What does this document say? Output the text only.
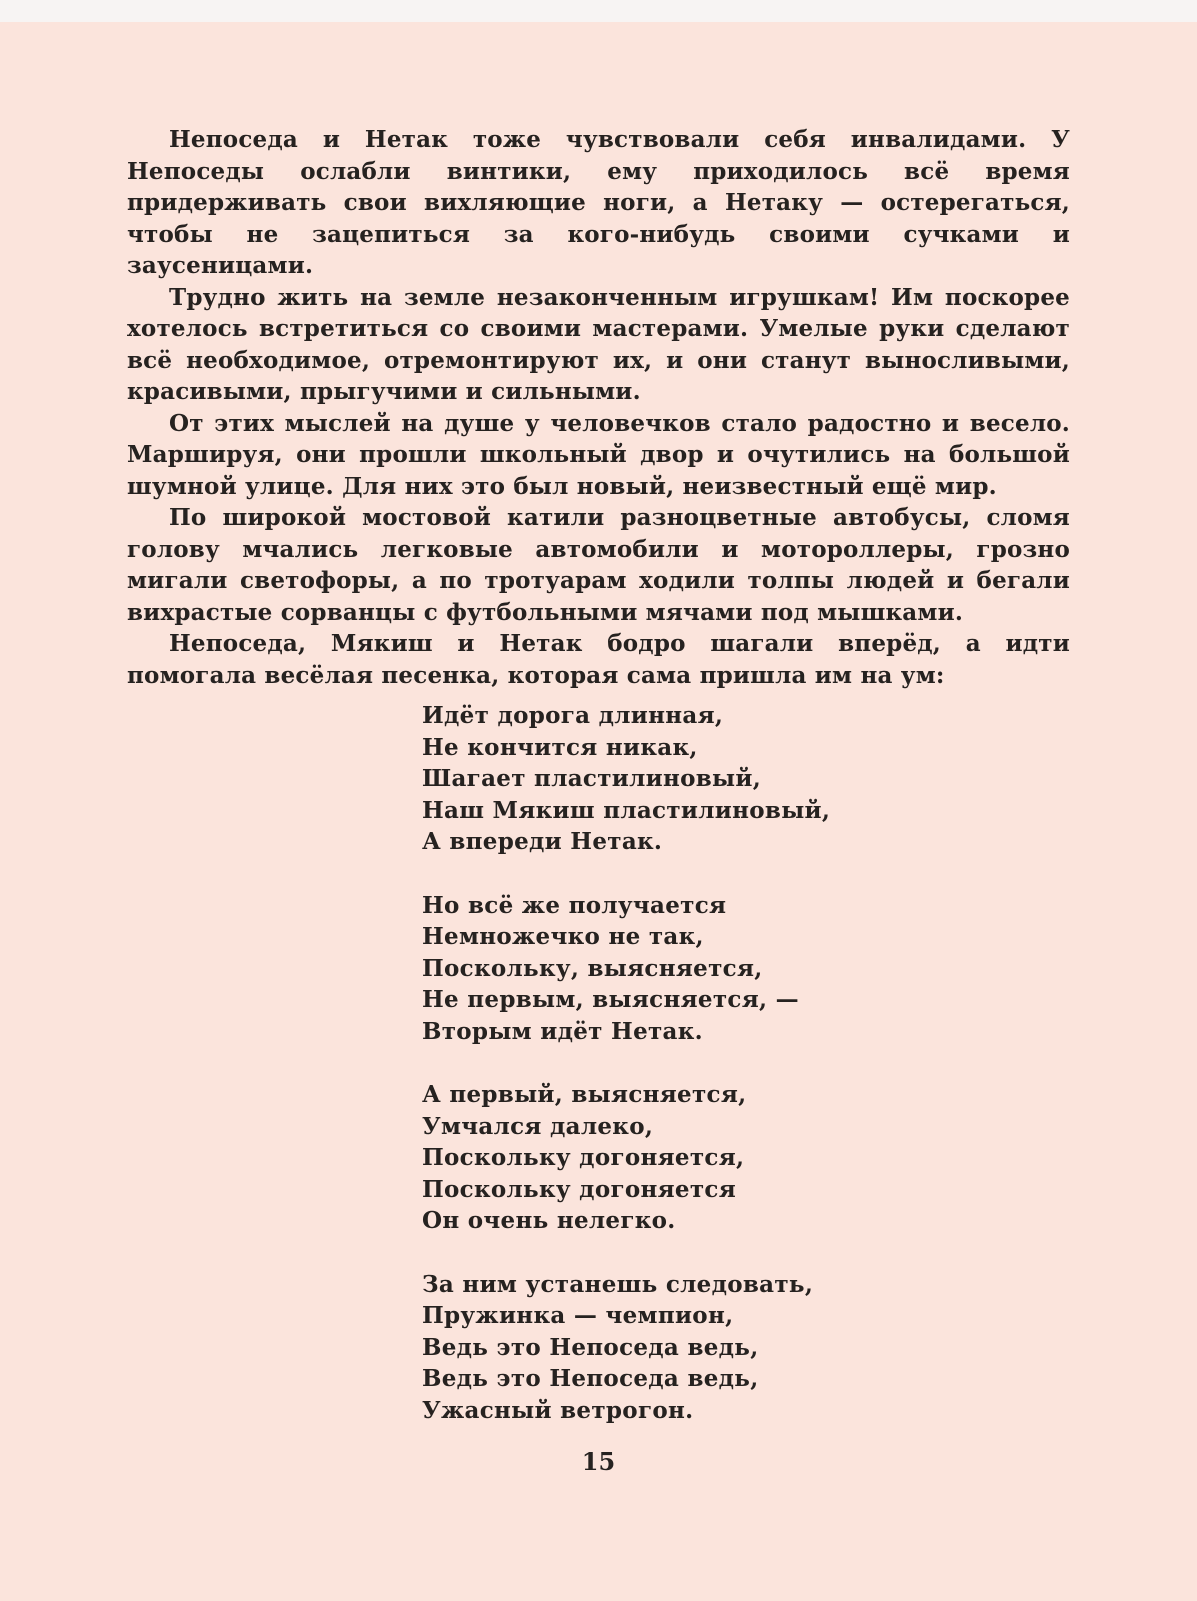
Непоседа и Нетак тоже чувствовали себя инвалидами. У Непоседы ослабли винтики, ему приходилось всё время придерживать свои вихляющие ноги, а Нетаку — остерегаться, чтобы не зацепиться за кого-нибудь своими сучками и заусеницами.

Трудно жить на земле незаконченным игрушкам! Им поскорее хотелось встретиться со своими мастерами. Умелые руки сделают всё необходимое, отремонтируют их, и они станут выносливыми, красивыми, прыгучими и сильными.

От этих мыслей на душе у человечков стало радостно и весело. Маршируя, они прошли школьный двор и очутились на большой шумной улице. Для них это был новый, неизвестный ещё мир.

По широкой мостовой катили разноцветные автобусы, сломя голову мчались легковые автомобили и мотороллеры, грозно мигали светофоры, а по тротуарам ходили толпы людей и бегали вихрастые сорванцы с футбольными мячами под мышками.

Непоседа, Мякиш и Нетак бодро шагали вперёд, а идти помогала весёлая песенка, которая сама пришла им на ум:

Идёт дорога длинная,
Не кончится никак,
Шагает пластилиновый,
Наш Мякиш пластилиновый,
А впереди Нетак.
Но всё же получается
Немножечко не так,
Поскольку, выясняется,
Не первым, выясняется, —
Вторым идёт Нетак.
А первый, выясняется,
Умчался далеко,
Поскольку догоняется,
Поскольку догоняется
Он очень нелегко.
За ним устанешь следовать,
Пружинка — чемпион,
Ведь это Непоседа ведь,
Ведь это Непоседа ведь,
Ужасный ветрогон.
15
